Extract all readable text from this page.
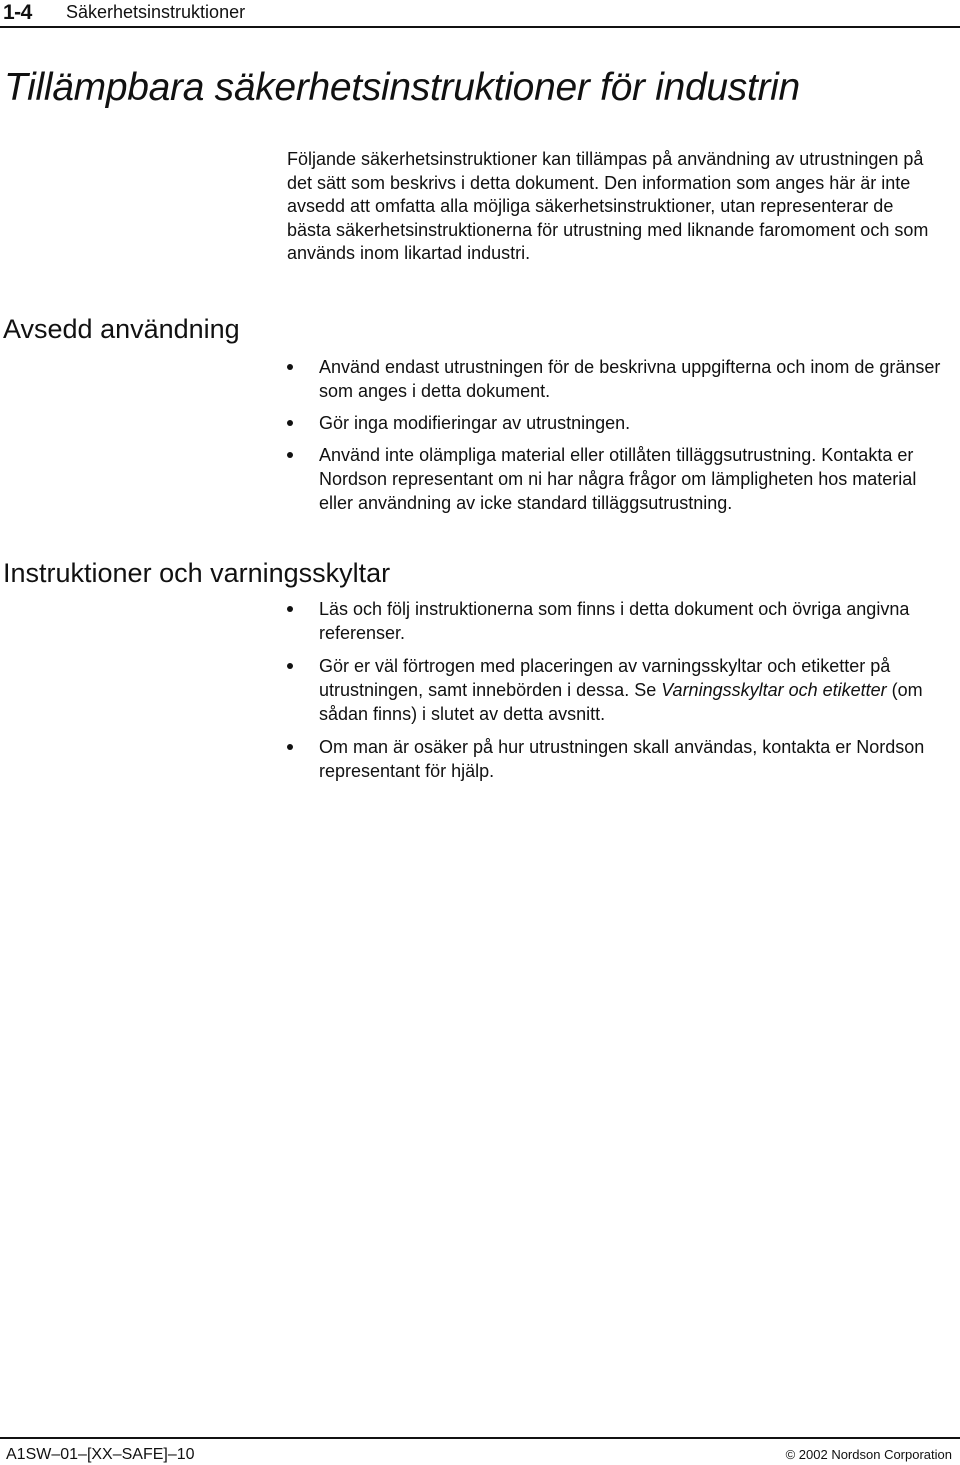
1-4 Säkerhetsinstruktioner
Tillämpbara säkerhetsinstruktioner för industrin

Följande säkerhetsinstruktioner kan tillämpas på användning av utrustningen på det sätt som beskrivs i detta dokument. Den information som anges här är inte avsedd att omfatta alla möjliga säkerhetsinstruktioner, utan representerar de bästa säkerhetsinstruktionerna för utrustning med liknande faromoment och som används inom likartad industri.

Avsedd användning
Använd endast utrustningen för de beskrivna uppgifterna och inom de gränser som anges i detta dokument.
Gör inga modifieringar av utrustningen.
Använd inte olämpliga material eller otillåten tilläggsutrustning. Kontakta er Nordson representant om ni har några frågor om lämpligheten hos material eller användning av icke standard tilläggsutrustning.
Instruktioner och varningsskyltar
Läs och följ instruktionerna som finns i detta dokument och övriga angivna referenser.
Gör er väl förtrogen med placeringen av varningsskyltar och etiketter på utrustningen, samt innebörden i dessa. Se Varningsskyltar och etiketter (om sådan finns) i slutet av detta avsnitt.
Om man är osäker på hur utrustningen skall användas, kontakta er Nordson representant för hjälp.
A1SW–01–[XX–SAFE]–10	© 2002 Nordson Corporation
